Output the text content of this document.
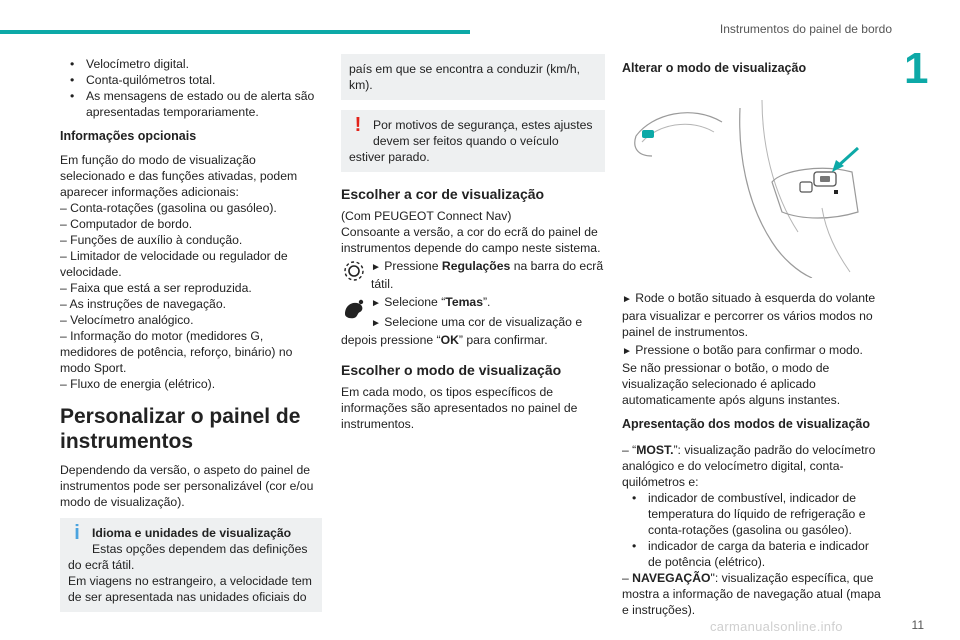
Instrumentos do painel de bordo
1
• Velocímetro digital.
• Conta-quilómetros total.
• As mensagens de estado ou de alerta são apresentadas temporariamente.
Informações opcionais

Em função do modo de visualização selecionado e das funções ativadas, podem aparecer informações adicionais:

– Conta-rotações (gasolina ou gasóleo).
– Computador de bordo.
– Funções de auxílio à condução.
– Limitador de velocidade ou regulador de velocidade.
– Faixa que está a ser reproduzida.
– As instruções de navegação.
– Velocímetro analógico.
– Informação do motor (medidores G, medidores de potência, reforço, binário) no modo Sport.
– Fluxo de energia (elétrico).
Personalizar o painel de instrumentos

Dependendo da versão, o aspeto do painel de instrumentos pode ser personalizável (cor e/ou modo de visualização).

i	Idioma e unidades de visualização
Estas opções dependem das definições
do ecrã tátil.
Em viagens no estrangeiro, a velocidade tem de ser apresentada nas unidades oficiais do
país em que se encontra a conduzir (km/h, km).
! Por motivos de segurança, estes ajustes devem ser feitos quando o veículo
estiver parado.
Escolher a cor de visualização
(Com PEUGEOT Connect Nav)

Consoante a versão, a cor do ecrã do painel de instrumentos depende do campo neste sistema.

► Pressione Regulações na barra do ecrã tátil.
► Selecione “Temas”.
► Selecione uma cor de visualização e depois pressione “OK” para confirmar.
Escolher o modo de visualização

Em cada modo, os tipos específicos de informações são apresentados no painel de instrumentos.

Alterar o modo de visualização
► Rode o botão situado à esquerda do volante para visualizar e percorrer os vários modos no painel de instrumentos.
► Pressione o botão para confirmar o modo.

Se não pressionar o botão, o modo de visualização selecionado é aplicado automaticamente após alguns instantes.

Apresentação dos modos de visualização
– “MOST.”: visualização padrão do velocímetro analógico e do velocímetro digital, conta-quilómetros e:
• indicador de combustível, indicador de temperatura do líquido de refrigeração e conta-rotações (gasolina ou gasóleo).
• indicador de carga da bateria e indicador de potência (elétrico).
– NAVEGAÇÃO": visualização específica, que mostra a informação de navegação atual (mapa e instruções).
carmanualsonline.info	11
